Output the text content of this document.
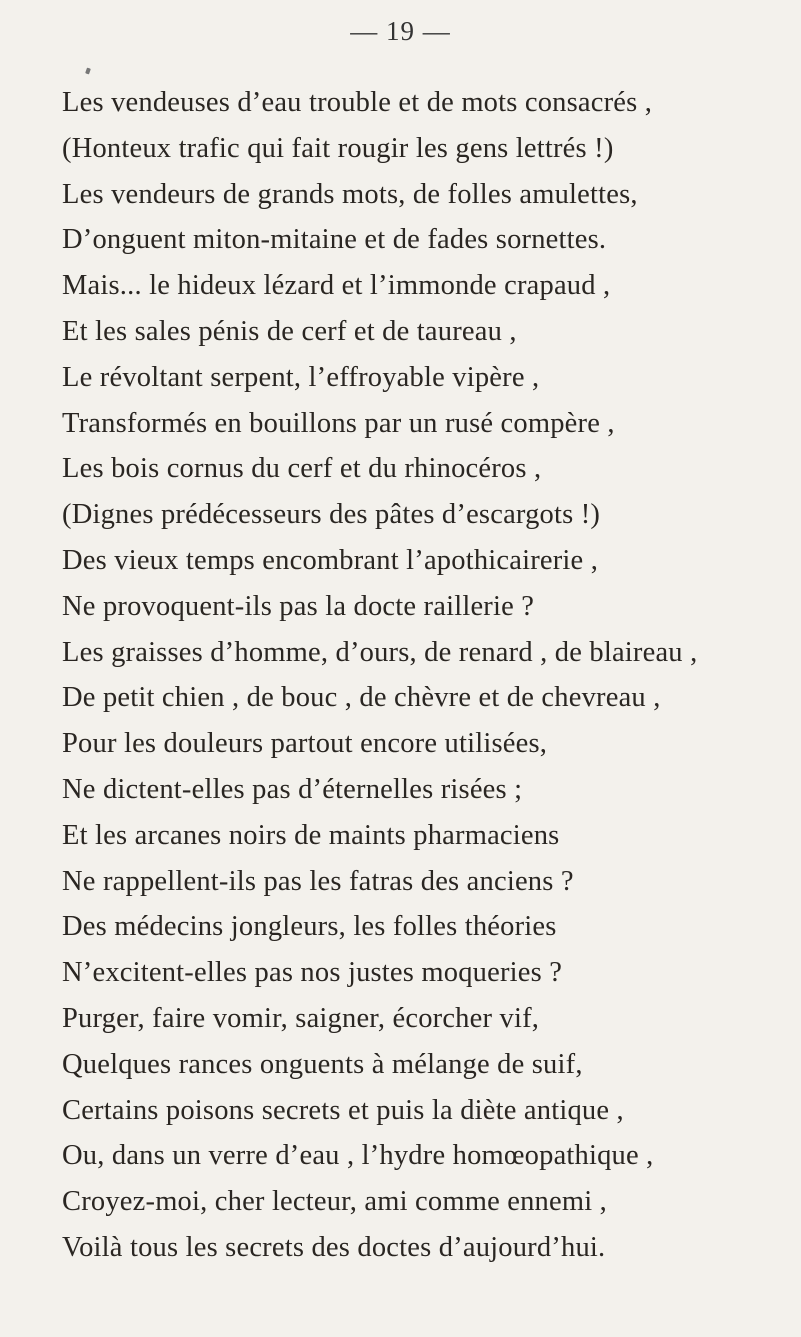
— 19 —
Les vendeuses d’eau trouble et de mots consacrés ,
(Honteux trafic qui fait rougir les gens lettrés !)
Les vendeurs de grands mots, de folles amulettes,
D’onguent miton-mitaine et de fades sornettes.
Mais... le hideux lézard et l’immonde crapaud ,
Et les sales pénis de cerf et de taureau ,
Le révoltant serpent, l’effroyable vipère ,
Transformés en bouillons par un rusé compère ,
Les bois cornus du cerf et du rhinocéros ,
(Dignes prédécesseurs des pâtes d’escargots !)
Des vieux temps encombrant l’apothicairerie ,
Ne provoquent-ils pas la docte raillerie ?
Les graisses d’homme, d’ours, de renard , de blaireau ,
De petit chien , de bouc , de chèvre et de chevreau ,
Pour les douleurs partout encore utilisées,
Ne dictent-elles pas d’éternelles risées ;
Et les arcanes noirs de maints pharmaciens
Ne rappellent-ils pas les fatras des anciens ?
Des médecins jongleurs, les folles théories
N’excitent-elles pas nos justes moqueries ?
Purger, faire vomir, saigner, écorcher vif,
Quelques rances onguents à mélange de suif,
Certains poisons secrets et puis la diète antique ,
Ou, dans un verre d’eau , l’hydre homœopathique ,
Croyez-moi, cher lecteur, ami comme ennemi ,
Voilà tous les secrets des doctes d’aujourd’hui.
